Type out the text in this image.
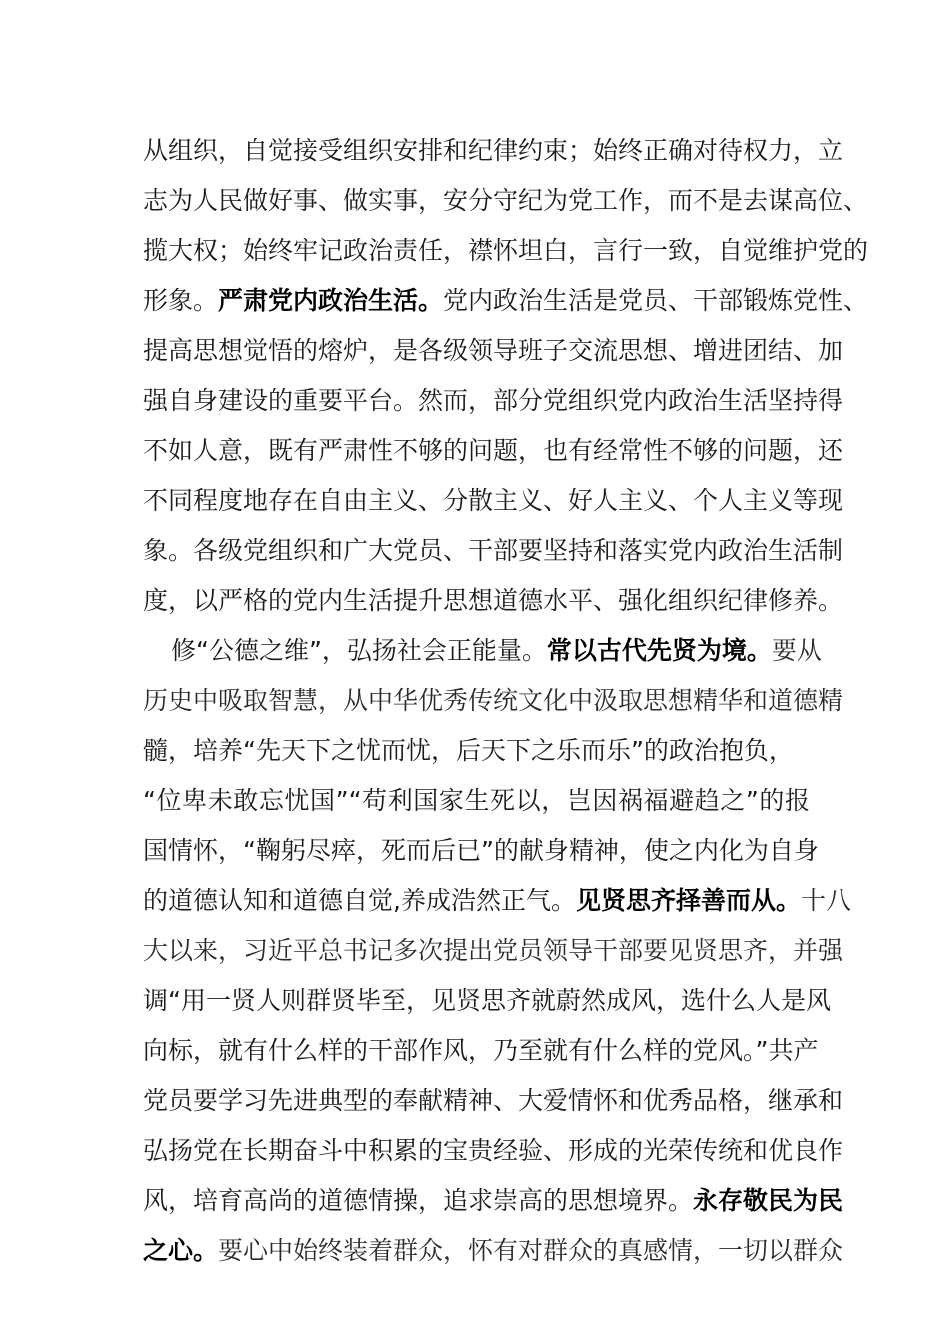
从组织，自觉接受组织安排和纪律约束；始终正确对待权力，立
志为人民做好事、做实事，安分守纪为党工作，而不是去谋高位、
揽大权；始终牢记政治责任，襟怀坦白，言行一致，自觉维护党的
形象。严肃党内政治生活。党内政治生活是党员、干部锻炼党性、
提高思想觉悟的熔炉，是各级领导班子交流思想、增进团结、加
强自身建设的重要平台。然而，部分党组织党内政治生活坚持得
不如人意，既有严肃性不够的问题，也有经常性不够的问题，还
不同程度地存在自由主义、分散主义、好人主义、个人主义等现
象。各级党组织和广大党员、干部要坚持和落实党内政治生活制
度，以严格的党内生活提升思想道德水平、强化组织纪律修养。
修“公德之维”，弘扬社会正能量。常以古代先贤为境。要从
历史中吸取智慧，从中华优秀传统文化中汲取思想精华和道德精
髓，培养“先天下之忧而忧，后天下之乐而乐”的政治抱负，
“位卑未敢忘忧国”“苟利国家生死以，岂因祸福避趋之”的报
国情怀，“鞠躬尽瘁，死而后已”的献身精神，使之内化为自身
的道德认知和道德自觉,养成浩然正气。见贤思齐择善而从。十八
大以来，习近平总书记多次提出党员领导干部要见贤思齐，并强
调“用一贤人则群贤毕至，见贤思齐就蔚然成风，选什么人是风
向标，就有什么样的干部作风，乃至就有什么样的党风。”共产
党员要学习先进典型的奉献精神、大爱情怀和优秀品格，继承和
弘扬党在长期奋斗中积累的宝贵经验、形成的光荣传统和优良作
风，培育高尚的道德情操，追求崇高的思想境界。永存敬民为民
之心。要心中始终装着群众，怀有对群众的真感情，一切以群众
